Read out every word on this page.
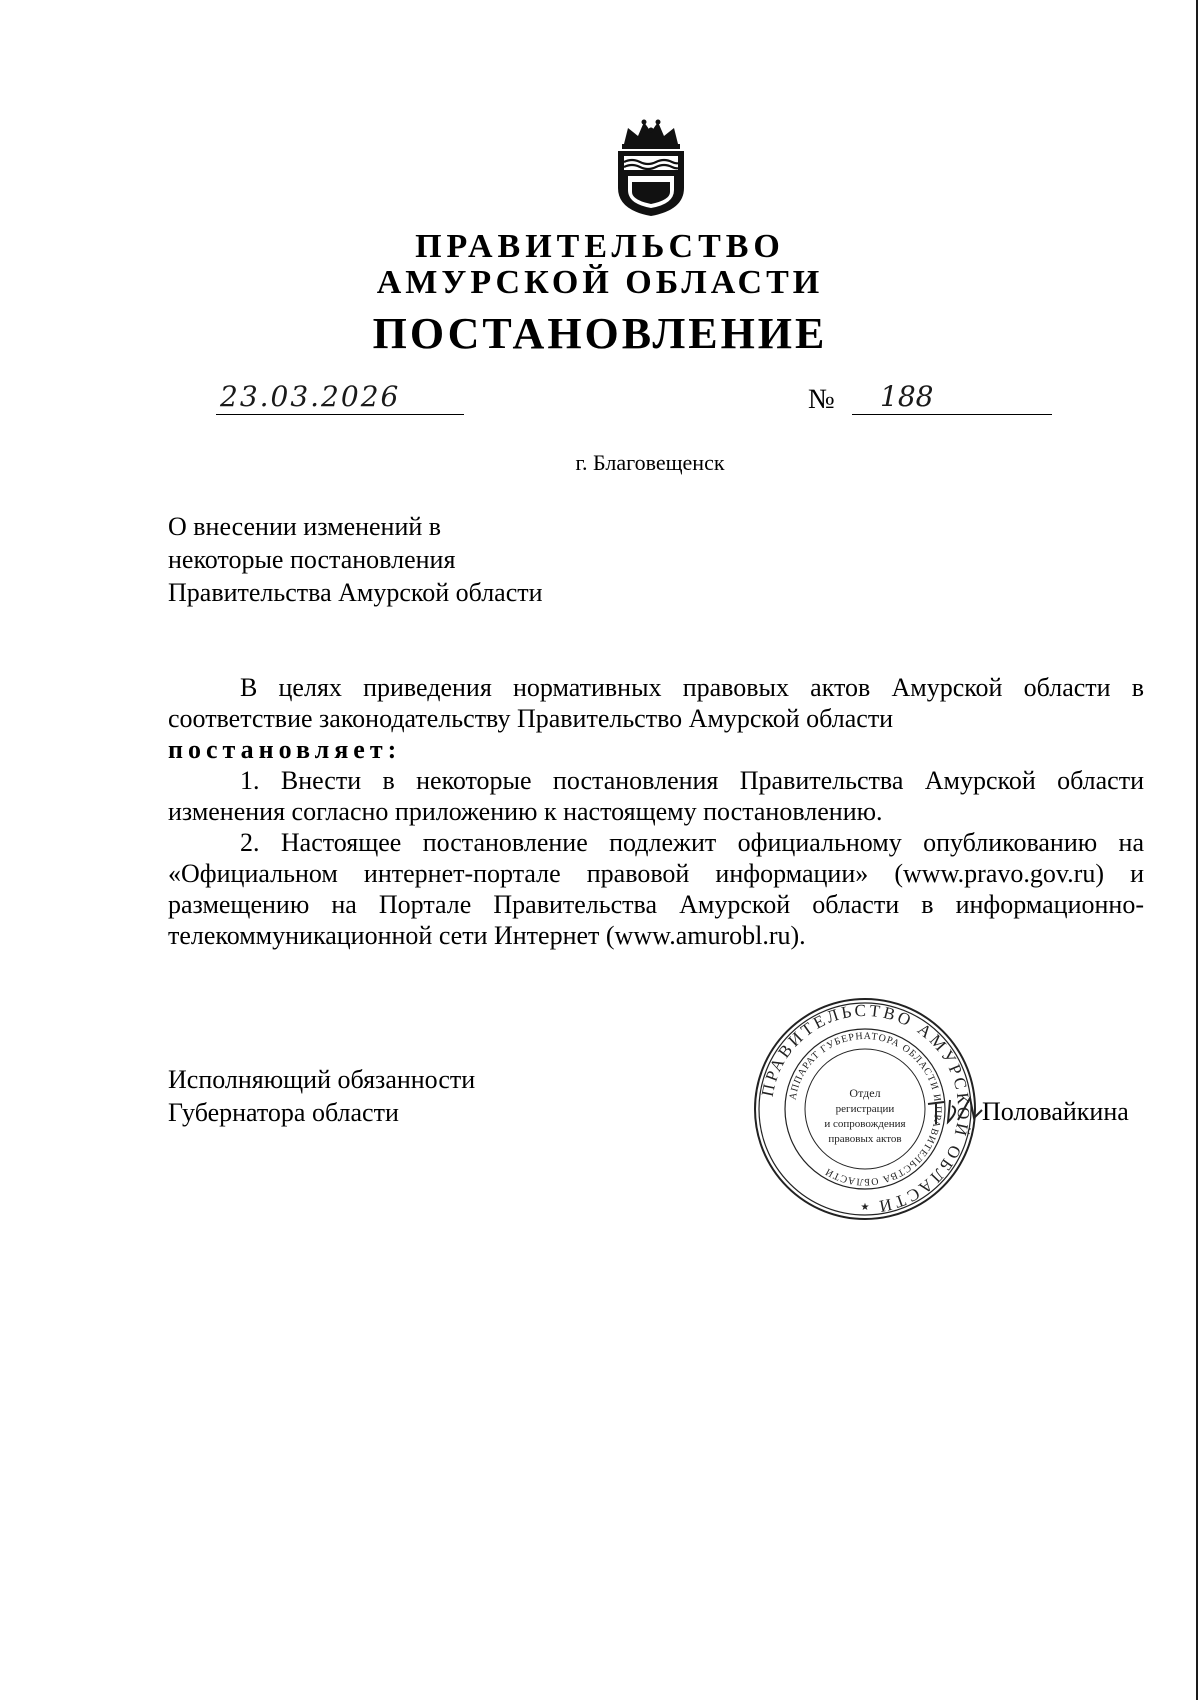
ПРАВИТЕЛЬСТВО
АМУРСКОЙ ОБЛАСТИ
ПОСТАНОВЛЕНИЕ
23.03.2026	№ 188
г. Благовещенск
О внесении изменений в
некоторые постановления
Правительства Амурской области
В целях приведения нормативных правовых актов Амурской области в соответствие законодательству Правительство Амурской области
постановляет:
1. Внести в некоторые постановления Правительства Амурской области изменения согласно приложению к настоящему постановлению.
2. Настоящее постановление подлежит официальному опубликованию на «Официальном интернет-портале правовой информации» (www.pravo.gov.ru) и размещению на Портале Правительства Амурской области в информационно-телекоммуникационной сети Интернет (www.amurobl.ru).
Исполняющий обязанности
Губернатора области	Половайкина
ПРАВИТЕЛЬСТВО АМУРСКОЙ ОБЛАСТИ
АППАРАТ ГУБЕРНАТОРА ОБЛАСТИ И ПРАВИТЕЛЬСТВА ОБЛАСТИ
Отдел
регистрации
и сопровождения
правовых актов
★
